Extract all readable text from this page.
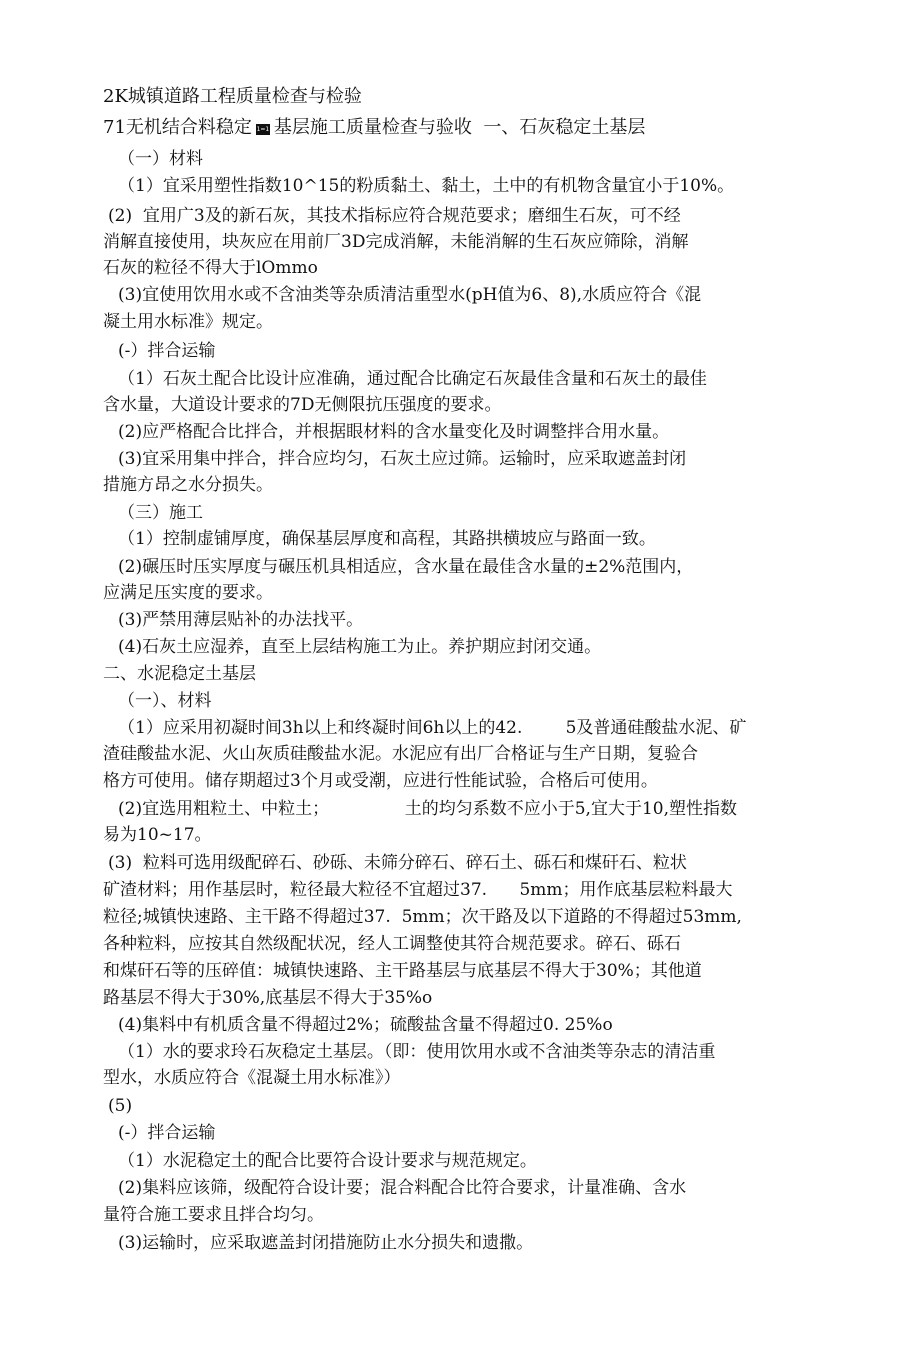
2K城镇道路工程质量检查与检验
71无机结合料稳定 1=1 基层施工质量检查与验收  一、石灰稳定土基层
（一）材料
（1）宜采用塑性指数10^15的粉质黏土、黏土，土中的有机物含量宜小于10%。
(2)  宜用广3及的新石灰，其技术指标应符合规范要求；磨细生石灰，可不经
消解直接使用，块灰应在用前厂3D完成消解，未能消解的生石灰应筛除，消解
石灰的粒径不得大于lOmmo
(3)宜使用饮用水或不含油类等杂质清洁重型水(pH值为6、8),水质应符合《混
凝土用水标准》规定。
(-）拌合运输
（1）石灰土配合比设计应准确，通过配合比确定石灰最佳含量和石灰土的最佳
含水量，大道设计要求的7D无侧限抗压强度的要求。
(2)应严格配合比拌合，并根据眼材料的含水量变化及时调整拌合用水量。
(3)宜采用集中拌合，拌合应均匀，石灰土应过筛。运输时，应采取遮盖封闭
措施方昂之水分损失。
（三）施工
（1）控制虚铺厚度，确保基层厚度和高程，其路拱横坡应与路面一致。
(2)碾压时压实厚度与碾压机具相适应，含水量在最佳含水量的±2%范围内，
应满足压实度的要求。
(3)严禁用薄层贴补的办法找平。
(4)石灰土应湿养，直至上层结构施工为止。养护期应封闭交通。
二、水泥稳定土基层
（一）、材料
（1）应采用初凝时间3h以上和终凝时间6h以上的42.        5及普通硅酸盐水泥、矿
渣硅酸盐水泥、火山灰质硅酸盐水泥。水泥应有出厂合格证与生产日期，复验合
格方可使用。储存期超过3个月或受潮，应进行性能试验，合格后可使用。
(2)宜选用粗粒土、中粒土；              土的均匀系数不应小于5,宜大于10,塑性指数
易为10~17。
(3)  粒料可选用级配碎石、砂砾、未筛分碎石、碎石土、砾石和煤矸石、粒状
矿渣材料；用作基层时，粒径最大粒径不宜超过37.      5mm；用作底基层粒料最大
粒径;城镇快速路、主干路不得超过37.  5mm；次干路及以下道路的不得超过53mm,
各种粒料，应按其自然级配状况，经人工调整使其符合规范要求。碎石、砾石
和煤矸石等的压碎值：城镇快速路、主干路基层与底基层不得大于30%；其他道
路基层不得大于30%,底基层不得大于35%o
(4)集料中有机质含量不得超过2%；硫酸盐含量不得超过0. 25%o
（1）水的要求玲石灰稳定土基层。（即：使用饮用水或不含油类等杂志的清洁重
型水，水质应符合《混凝土用水标准》）
(5)
(-）拌合运输
（1）水泥稳定土的配合比要符合设计要求与规范规定。
(2)集料应该筛，级配符合设计要；混合料配合比符合要求，计量准确、含水
量符合施工要求且拌合均匀。
(3)运输时，应采取遮盖封闭措施防止水分损失和遗撒。
